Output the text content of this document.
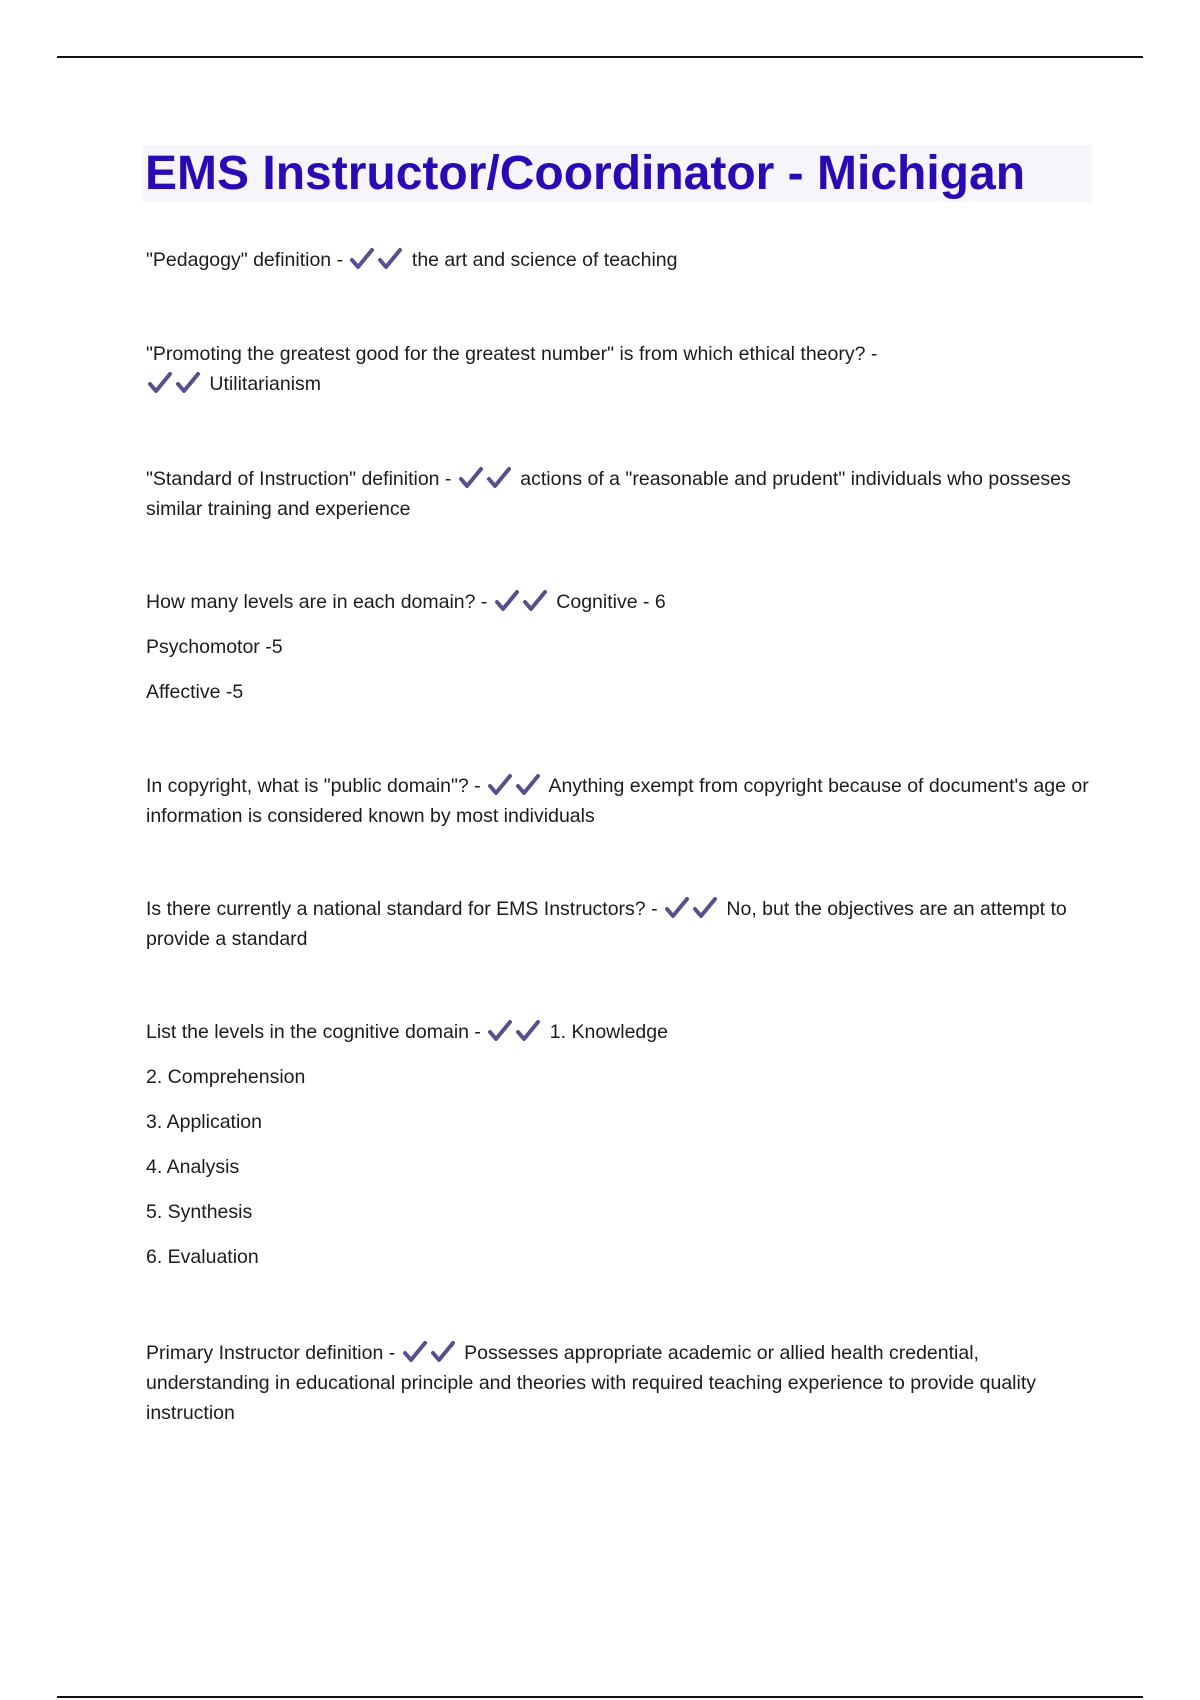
EMS Instructor/Coordinator - Michigan
"Pedagogy" definition -	the art and science of teaching
"Promoting the greatest good for the greatest number" is from which ethical theory? -

Utilitarianism
"Standard of Instruction" definition -	actions of a "reasonable and prudent" individuals who posseses similar training and experience
How many levels are in each domain? -	Cognitive - 6
Psychomotor -5
Affective -5
In copyright, what is "public domain"? -	Anything exempt from copyright because of document's age or information is considered known by most individuals
Is there currently a national standard for EMS Instructors? -	No, but the objectives are an attempt to provide a standard
List the levels in the cognitive domain -	1. Knowledge
2. Comprehension
3. Application
4. Analysis
5. Synthesis
6. Evaluation
Primary Instructor definition -	Possesses appropriate academic or allied health credential, understanding in educational principle and theories with required teaching experience to provide quality instruction
